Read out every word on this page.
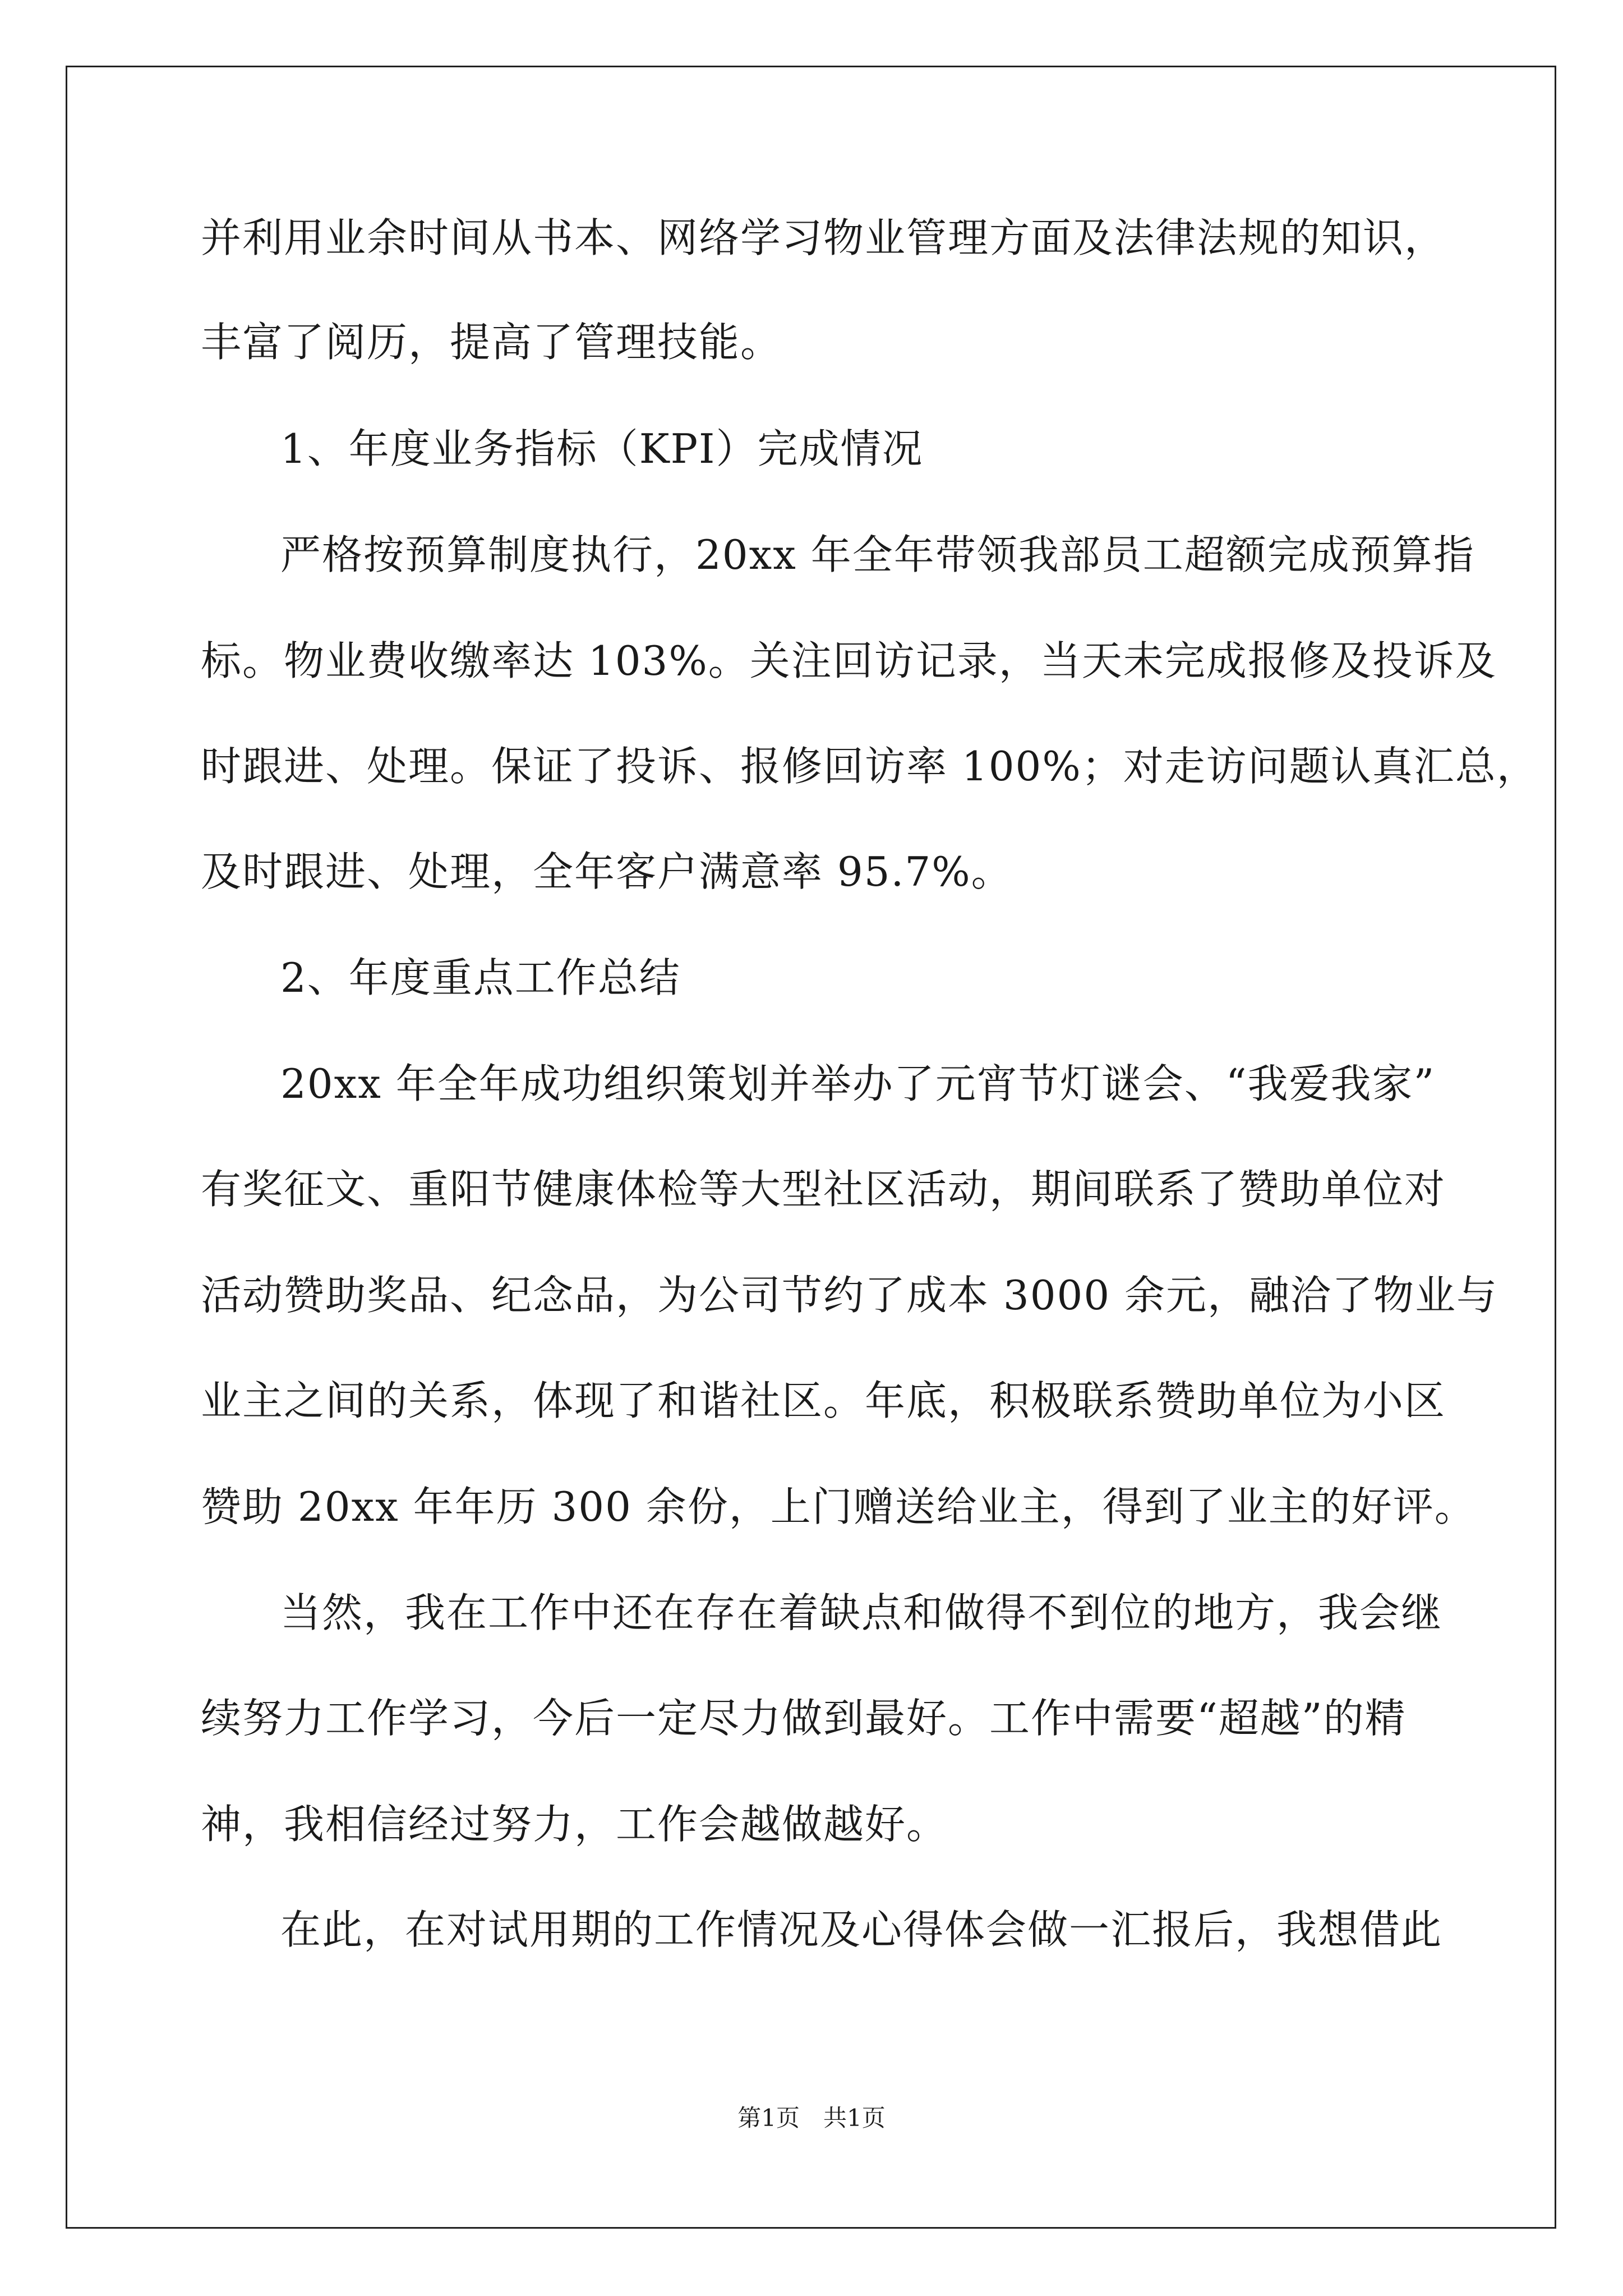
并利用业余时间从书本、网络学习物业管理方面及法律法规的知识，
丰富了阅历，提高了管理技能。
1、年度业务指标（KPI）完成情况
严格按预算制度执行，20xx 年全年带领我部员工超额完成预算指
标。物业费收缴率达 103%。关注回访记录，当天未完成报修及投诉及
时跟进、处理。保证了投诉、报修回访率 100%；对走访问题认真汇总，
及时跟进、处理，全年客户满意率 95.7%。
2、年度重点工作总结
20xx 年全年成功组织策划并举办了元宵节灯谜会、“我爱我家”
有奖征文、重阳节健康体检等大型社区活动，期间联系了赞助单位对
活动赞助奖品、纪念品，为公司节约了成本 3000 余元，融洽了物业与
业主之间的关系，体现了和谐社区。年底，积极联系赞助单位为小区
赞助 20xx 年年历 300 余份，上门赠送给业主，得到了业主的好评。
当然，我在工作中还在存在着缺点和做得不到位的地方，我会继
续努力工作学习，今后一定尽力做到最好。工作中需要“超越”的精
神，我相信经过努力，工作会越做越好。
在此，在对试用期的工作情况及心得体会做一汇报后，我想借此
第1页　共1页
